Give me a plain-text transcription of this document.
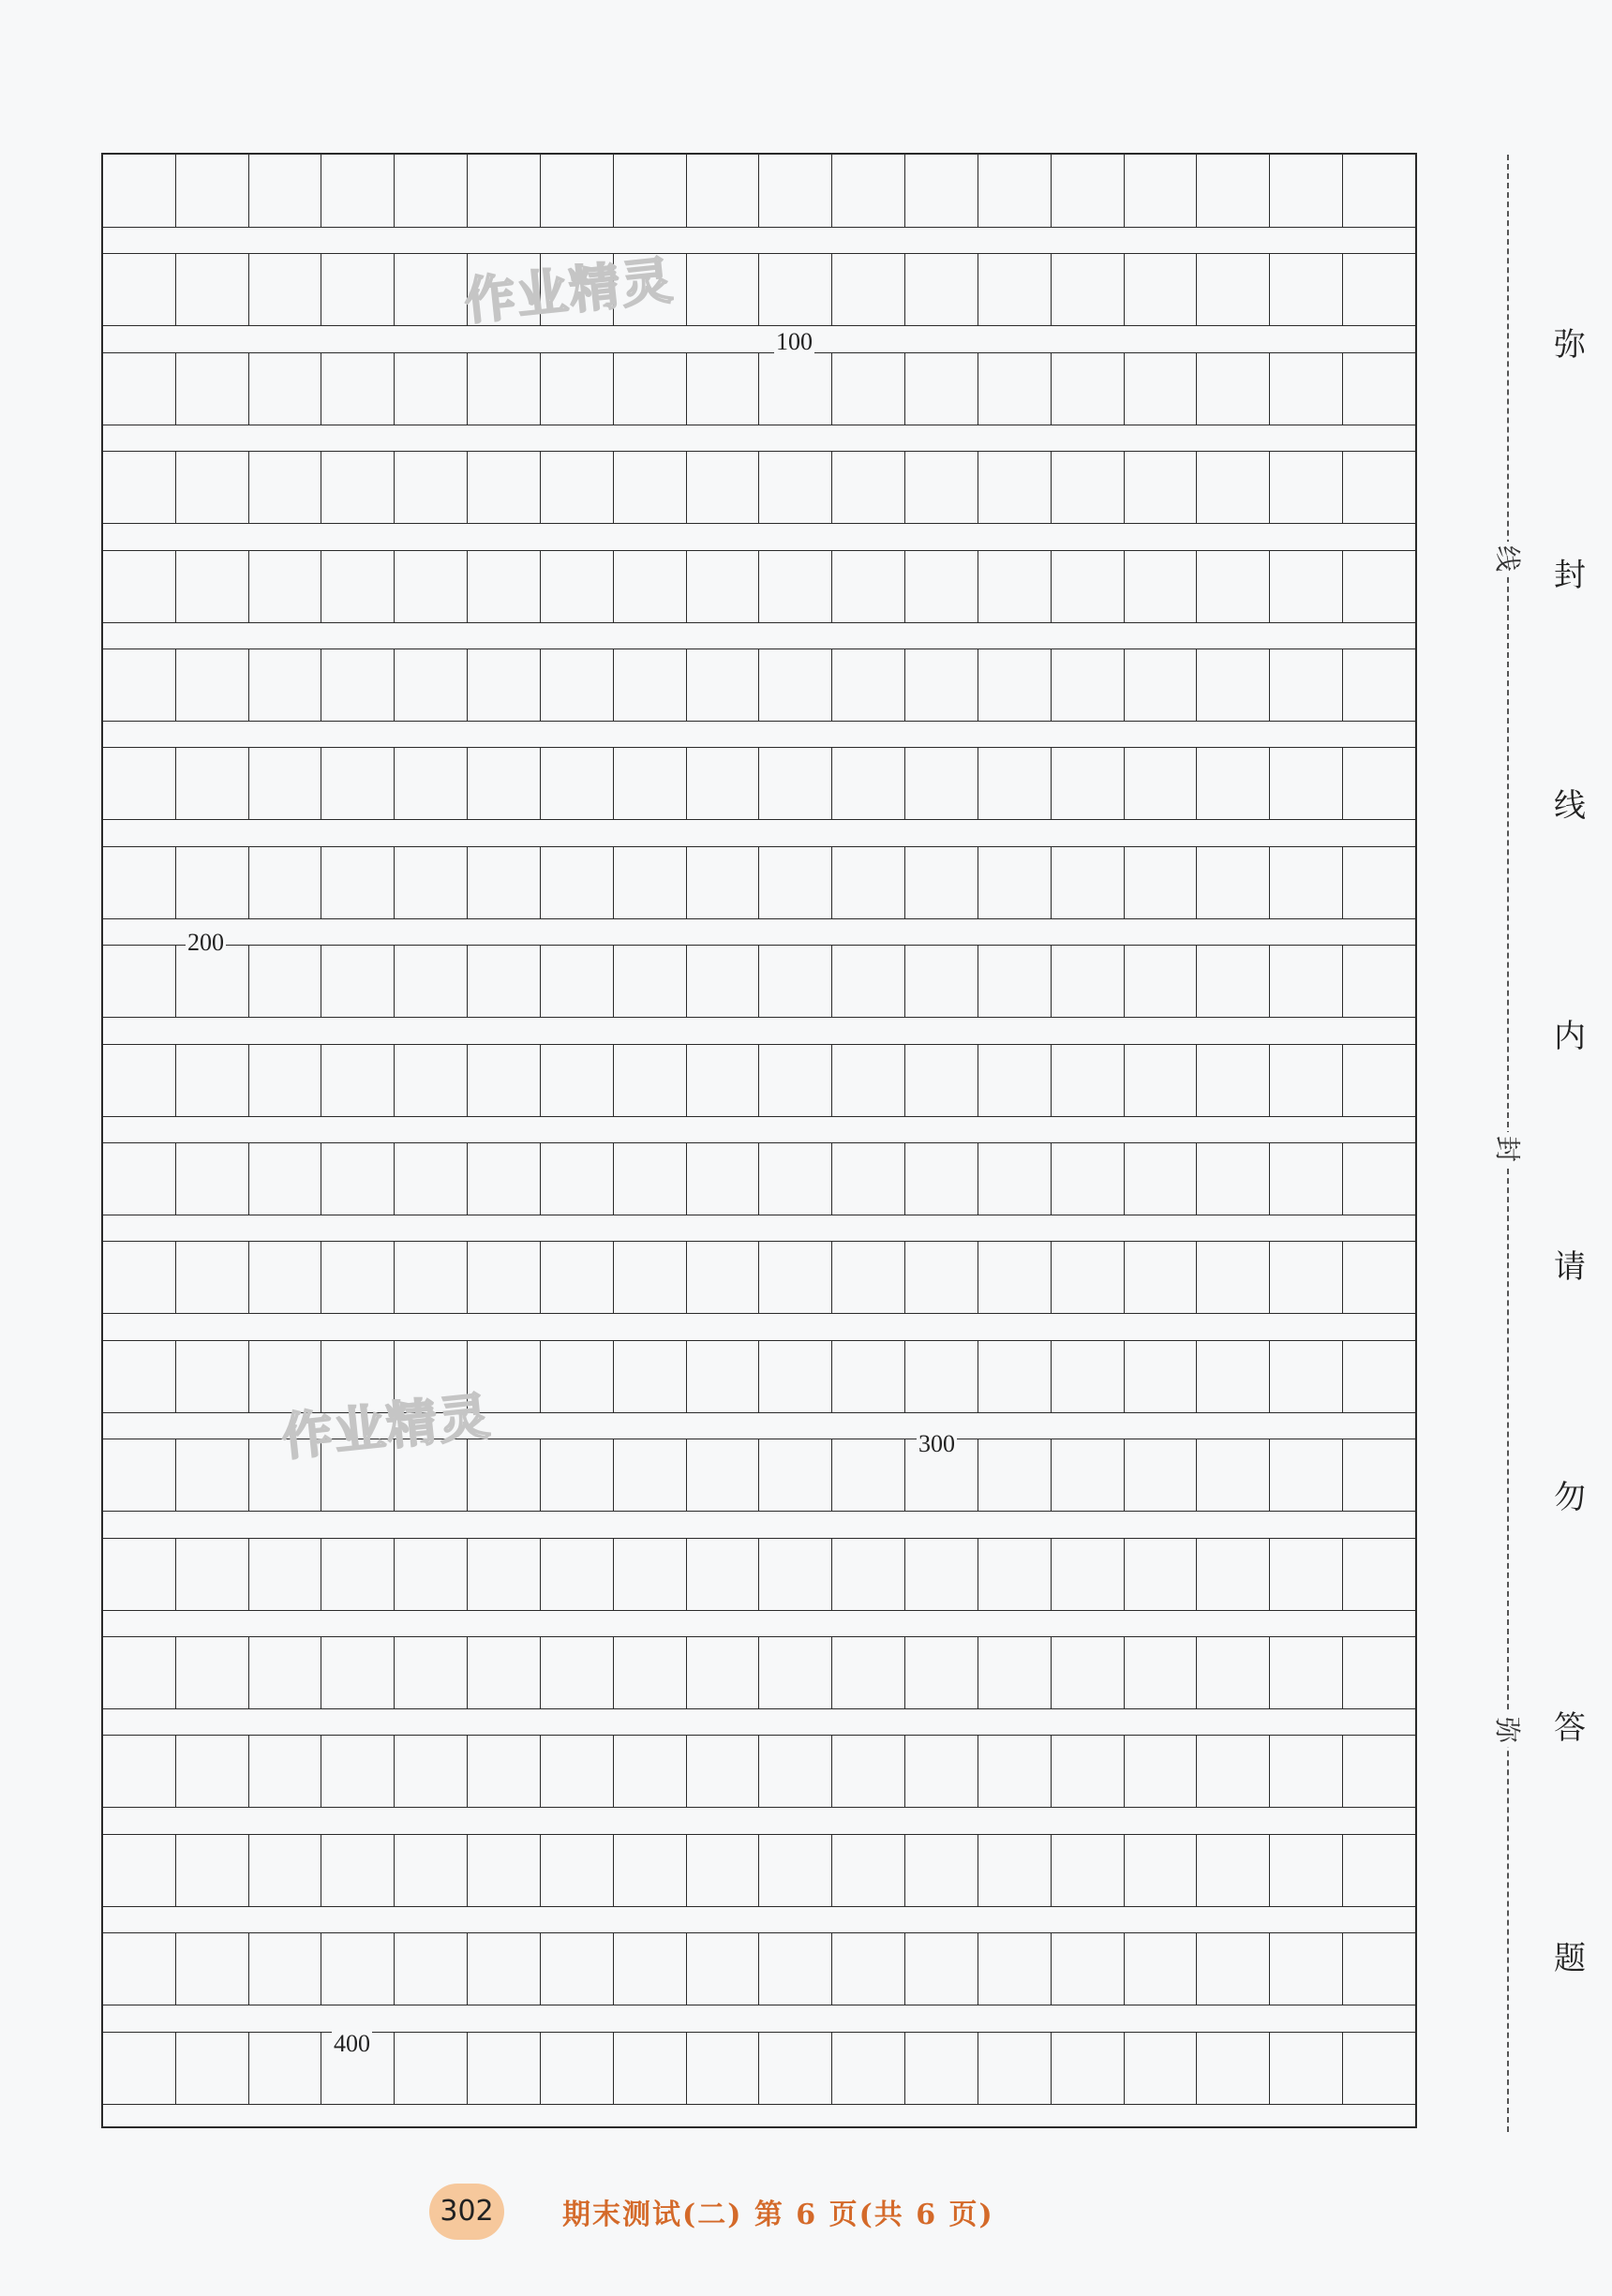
100
200
300
400
作业精灵
作业精灵
线
封
弥
弥
封
线
内
请
勿
答
题
302	期末测试(二) 第 6 页(共 6 页)
